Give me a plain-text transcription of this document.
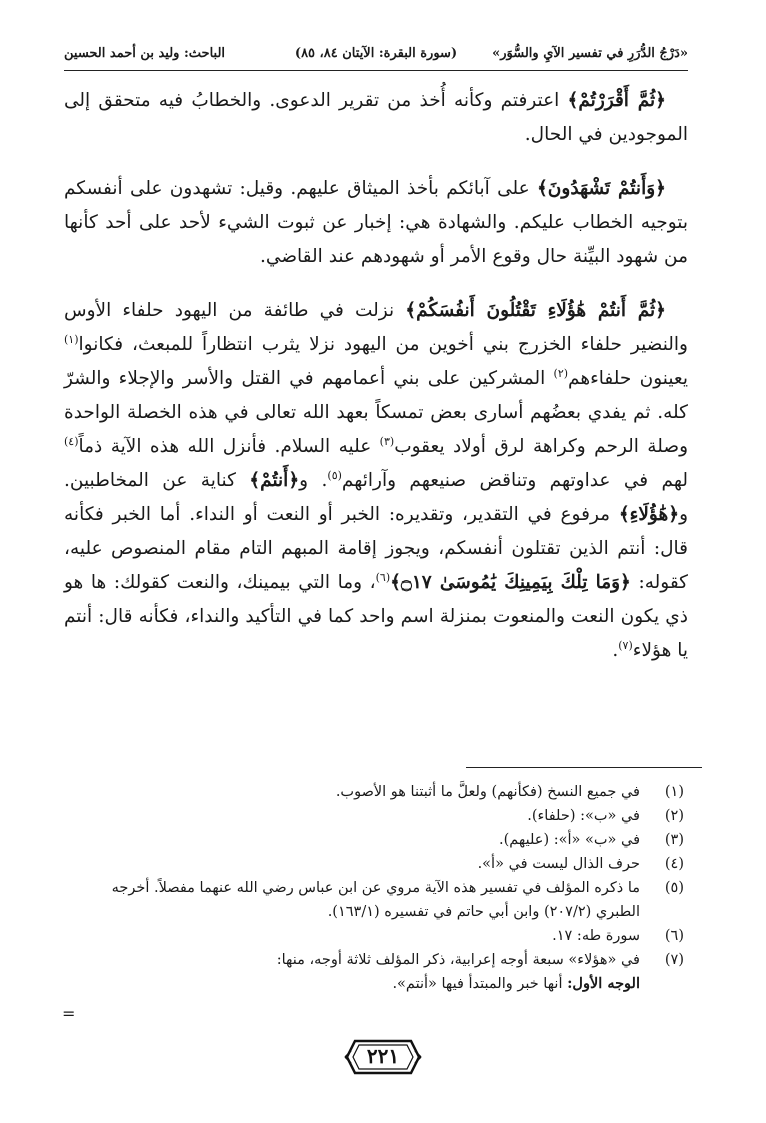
«دَرْجُ الدُّرَرِ في تفسير الآيِ والسُّوَر»
(سورة البقرة: الآيتان ٨٤، ٨٥)
الباحث: وليد بن أحمد الحسين

﴿ثُمَّ أَقْرَرْتُمْ﴾ اعترفتم وكأنه أُخذ من تقرير الدعوى. والخطابُ فيه متحقق إلى الموجودين في الحال.

﴿وَأَنتُمْ تَشْهَدُونَ﴾ على آبائكم بأخذ الميثاق عليهم. وقيل: تشهدون على أنفسكم بتوجيه الخطاب عليكم. والشهادة هي: إخبار عن ثبوت الشيء لأحد على أحد كأنها من شهود البيِّنة حال وقوع الأمر أو شهودهم عند القاضي.

﴿ثُمَّ أَنتُمْ هَٰؤُلَاءِ تَقْتُلُونَ أَنفُسَكُمْ﴾ نزلت في طائفة من اليهود حلفاء الأوس والنضير حلفاء الخزرج بني أخوين من اليهود نزلا يثرب انتظاراً للمبعث، فكانوا$^{(١)}$ يعينون حلفاءهم$^{(٢)}$ المشركين على بني أعمامهم في القتل والأسر والإجلاء والشرّ كله. ثم يفدي بعضُهم أسارى بعض تمسكاً بعهد الله تعالى في هذه الخصلة الواحدة وصلة الرحم وكراهة لرق أولاد يعقوب$^{(٣)}$ عليه السلام. فأنزل الله هذه الآية ذماً$^{(٤)}$ لهم في عداوتهم وتناقض صنيعهم وآرائهم$^{(٥)}$. و﴿أَنتُمْ﴾ كناية عن المخاطبين. و﴿هَٰؤُلَاءِ﴾ مرفوع في التقدير، وتقديره: الخبر أو النعت أو النداء. أما الخبر فكأنه قال: أنتم الذين تقتلون أنفسكم، ويجوز إقامة المبهم التام مقام المنصوص عليه، كقوله: ﴿وَمَا تِلْكَ بِيَمِينِكَ يَٰمُوسَىٰ ۝١٧﴾$^{(٦)}$، وما التي بيمينك، والنعت كقولك: ها هو ذي يكون النعت والمنعوت بمنزلة اسم واحد كما في التأكيد والنداء، فكأنه قال: أنتم يا هؤلاء$^{(٧)}$.

(١)
في جميع النسخ (فكأنهم) ولعلَّ ما أثبتنا هو الأصوب.
(٢)
في «ب»: (حلفاء).
(٣)
في «ب» «أ»: (عليهم).
(٤)
حرف الذال ليست في «أ».
(٥)
ما ذكره المؤلف في تفسير هذه الآية مروي عن ابن عباس رضي الله عنهما مفصلاً. أخرجه الطبري (٢٠٧/٢) وابن أبي حاتم في تفسيره (١٦٣/١).
(٦)
سورة طه: ١٧.
(٧)
في «هؤلاء» سبعة أوجه إعرابية، ذكر المؤلف ثلاثة أوجه، منها:
الوجه الأول: أنها خبر والمبتدأ فيها «أنتم».
=
٢٢١
